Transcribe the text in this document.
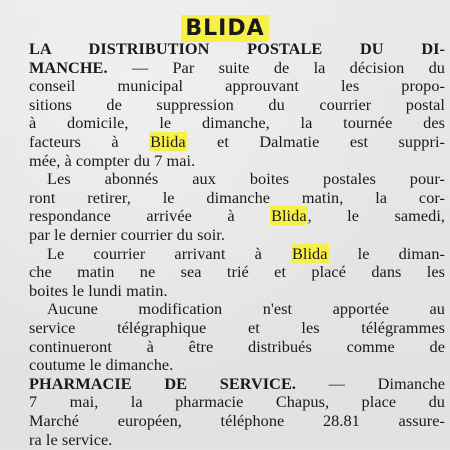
BLIDA
LA DISTRIBUTION POSTALE DU DI-
MANCHE. — Par suite de la décision du
conseil municipal approuvant les propo-
sitions de suppression du courrier postal
à domicile, le dimanche, la tournée des
facteurs à Blida et Dalmatie est suppri-
mée, à compter du 7 mai.
Les abonnés aux boites postales pour-
ront retirer, le dimanche matin, la cor-
respondance arrivée à Blida, le samedi,
par le dernier courrier du soir.
Le courrier arrivant à Blida le diman-
che matin ne sea trié et placé dans les
boites le lundi matin.
Aucune modification n'est apportée au
service télégraphique et les télégrammes
continueront à être distribués comme de
coutume le dimanche.
PHARMACIE DE SERVICE. — Dimanche
7 mai, la pharmacie Chapus, place du
Marché européen, téléphone 28.81 assure-
ra le service.
